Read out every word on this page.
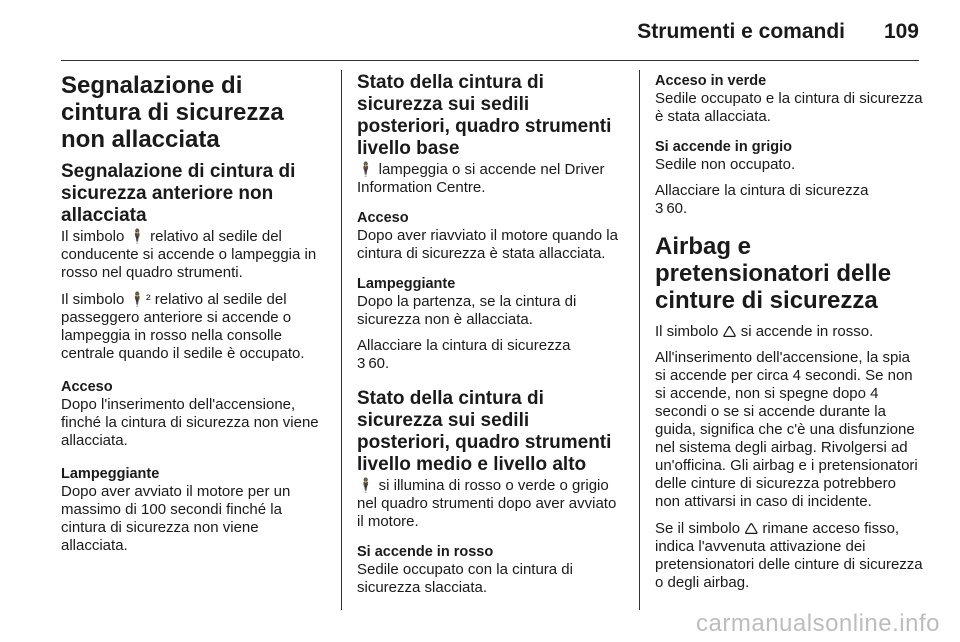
Strumenti e comandi 109
Segnalazione di cintura di sicurezza non allacciata
Segnalazione di cintura di sicurezza anteriore non allacciata

Il simbolo 🕴 relativo al sedile del conducente si accende o lampeggia in rosso nel quadro strumenti.

Il simbolo 🕴² relativo al sedile del passeggero anteriore si accende o lampeggia in rosso nella consolle centrale quando il sedile è occupato.

Acceso

Dopo l'inserimento dell'accensione, finché la cintura di sicurezza non viene allacciata.

Lampeggiante

Dopo aver avviato il motore per un massimo di 100 secondi finché la cintura di sicurezza non viene allacciata.

Stato della cintura di sicurezza sui sedili posteriori, quadro strumenti livello base

🕴 lampeggia o si accende nel Driver Information Centre.

Acceso

Dopo aver riavviato il motore quando la cintura di sicurezza è stata allacciata.

Lampeggiante

Dopo la partenza, se la cintura di sicurezza non è allacciata.

Allacciare la cintura di sicurezza
3 60.

Stato della cintura di sicurezza sui sedili posteriori, quadro strumenti livello medio e livello alto

🕴 si illumina di rosso o verde o grigio nel quadro strumenti dopo aver avviato il motore.

Si accende in rosso

Sedile occupato con la cintura di sicurezza slacciata.

Acceso in verde

Sedile occupato e la cintura di sicurezza è stata allacciata.

Si accende in grigio

Sedile non occupato.

Allacciare la cintura di sicurezza
3 60.

Airbag e pretensionatori delle cinture di sicurezza

Il simbolo 🛆 si accende in rosso.

All'inserimento dell'accensione, la spia si accende per circa 4 secondi. Se non si accende, non si spegne dopo 4 secondi o se si accende durante la guida, significa che c'è una disfunzione nel sistema degli airbag. Rivolgersi ad un'officina. Gli airbag e i pretensionatori delle cinture di sicurezza potrebbero non attivarsi in caso di incidente.

Se il simbolo 🛆 rimane acceso fisso, indica l'avvenuta attivazione dei pretensionatori delle cinture di sicurezza o degli airbag.

carmanualsonline.info
